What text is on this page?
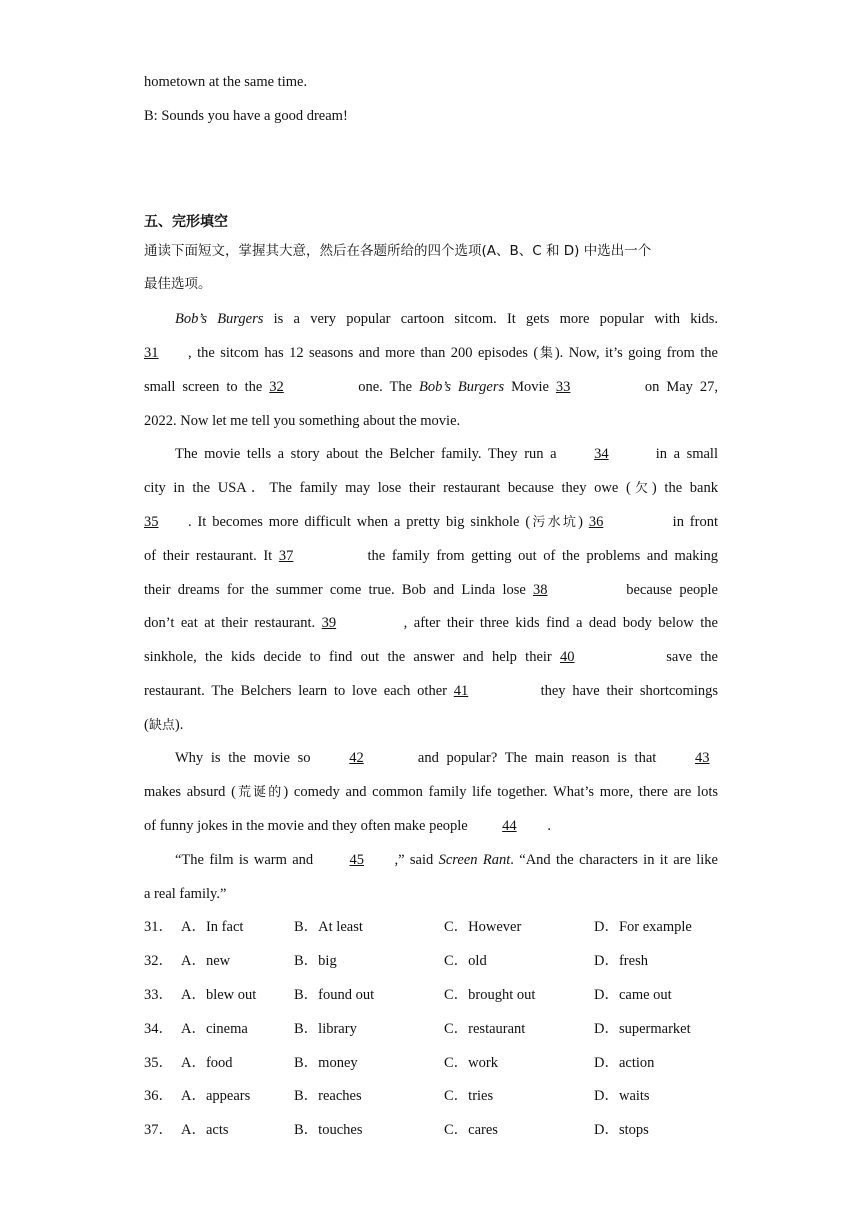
hometown at the same time.
B: Sounds you have a good dream!
五、完形填空
通读下面短文，掌握其大意，然后在各题所给的四个选项(A、B、C 和 D) 中选出一个
最佳选项。
Bob’s Burgers is a very popular cartoon sitcom. It gets more popular with kids.
31 , the sitcom has 12 seasons and more than 200 episodes (集). Now, it’s going from the
small screen to the 32	one. The Bob’s Burgers Movie 33	on May 27,
2022. Now let me tell you something about the movie.
The movie tells a story about the Belcher family. They run a 34	in a small
city in the USA．The family may lose their restaurant because they owe (欠) the bank
35 . It becomes more difficult when a pretty big sinkhole (污水坑) 36	in front
of their restaurant. It 37	the family from getting out of the problems and making
their dreams for the summer come true. Bob and Linda lose 38	because people
don’t eat at their restaurant. 39	, after their three kids find a dead body below the
sinkhole, the kids decide to find out the answer and help their 40	save the
restaurant. The Belchers learn to love each other 41	they have their shortcomings
(缺点).
Why is the movie so 42	and popular? The main reason is that 43
makes absurd (荒诞的) comedy and common family life together. What’s more, there are lots
of funny jokes in the movie and they often make people 44 .
“The film is warm and 45 ,” said Screen Rant. “And the characters in it are like
a real family.”
31． A．In fact	B．At least	C．However	D．For example
32． A．new	B．big	C．old	D．fresh
33． A．blew out	B．found out	C．brought out	D．came out
34． A．cinema	B．library	C．restaurant	D．supermarket
35． A．food	B．money	C．work	D．action
36． A．appears	B．reaches	C．tries	D．waits
37． A．acts	B．touches	C．cares	D．stops
